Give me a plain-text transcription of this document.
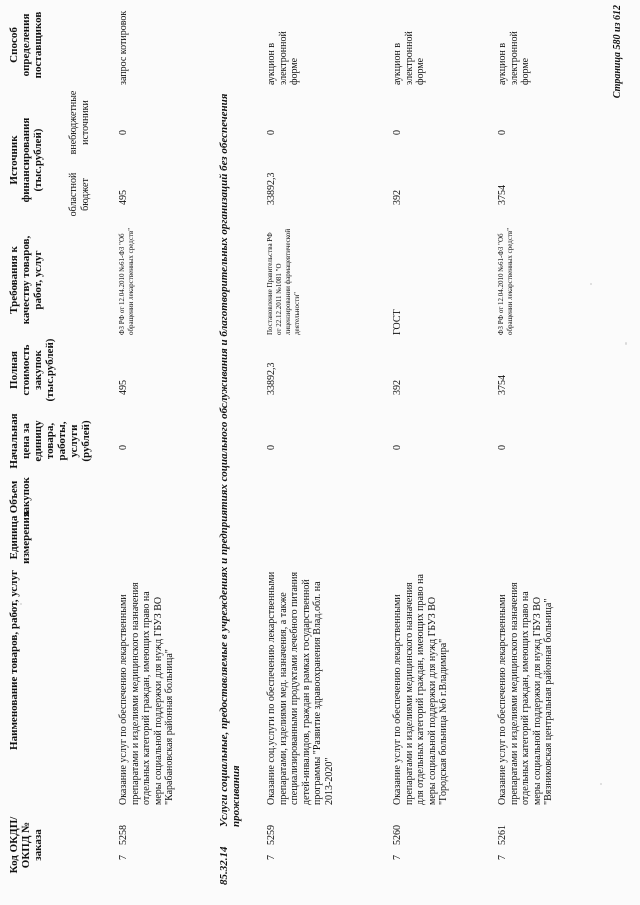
Код ОКДП/ ОКПД № заказа
Наименование товаров, работ, услуг
Единица измерения
Объем закупок
Начальная цена за единицу товара, работы, услуги (рублей)
Полная стоимость закупок (тыс.рублей)
Требования к качеству товаров, работ, услуг
Источник финансирования (тыс.рублей)
областной бюджет
внебюджетные источники
Способ определения поставщиков
7
5258
Оказание услуг по обеспечению лекарственными препаратами и изделиями медицинского назначения отдельных категорий граждан, имеющих право на меры социальной поддержки для нужд ГБУЗ ВО "Карабановская районная больница"
0
495
ФЗ РФ от 12.04.2010 №61-ФЗ "Об обращении лекарственных средств"
495
0
запрос котировок
85.32.14
Услуги социальные, предоставляемые в учреждениях и предприятиях социального обслуживания и благотворительных организаций без обеспечения проживания
7
5259
Оказание соц.услуги по обеспечению лекарственными препаратами, изделиями мед. назначения, а также специализированными продуктами лечебного питания детей-инвалидов, граждан в рамках государственной программы "Развитие здравоохранения Влад.обл. на 2013-2020"
0
33892,3
Постановление Правительства РФ от 22.12.2011 №1081 "О лицензировании фармацевтической деятельности"
33892,3
0
аукцион в электронной форме
7
5260
Оказание услуг по обеспечению лекарственными препаратами и изделиями медицинского назначения для отдельных категорий граждан, имеющих право на меры социальной поддержки для нужд ГБУЗ ВО "Городская больница №6 г.Владимира"
0
392
ГОСТ
392
0
аукцион в электронной форме
7
5261
Оказание услуг по обеспечению лекарственными препаратами и изделиями медицинского назначения отдельных категорий граждан, имеющих право на меры социальной поддержки для нужд ГБУЗ ВО "Вязниковская центральная районная больница"
0
3754
ФЗ РФ от 12.04.2010 №61-ФЗ "Об обращении лекарственных средств"
3754
0
аукцион в электронной форме	Страница 580 из 612
